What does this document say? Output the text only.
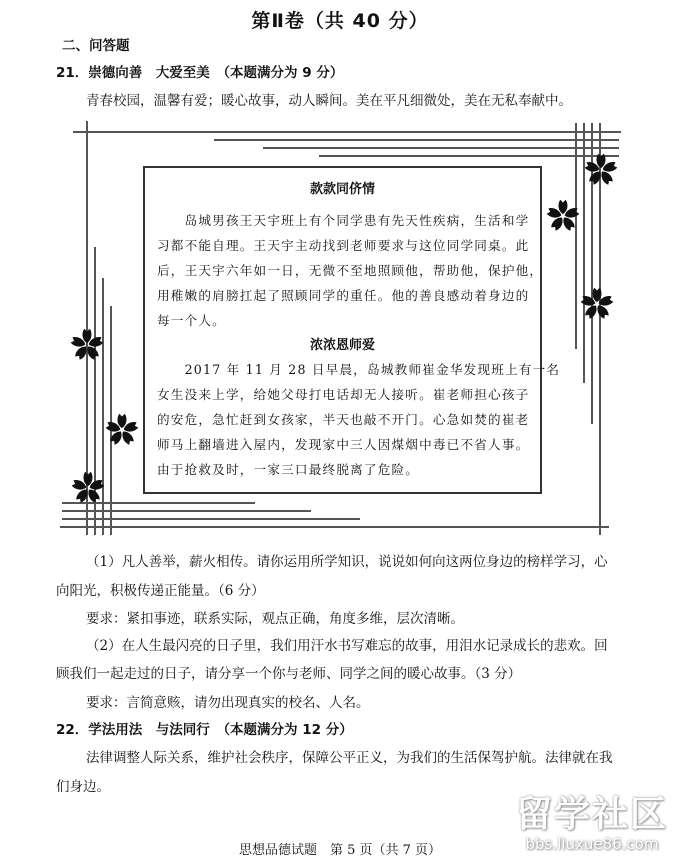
第Ⅱ卷（共 40 分）
二、问答题
21．崇德向善　大爱至美　（本题满分为 9 分）
青春校园，温馨有爱；暖心故事，动人瞬间。美在平凡细微处，美在无私奉献中。
款款同侪情
　　岛城男孩王天宇班上有个同学患有先天性疾病，生活和学
习都不能自理。王天宇主动找到老师要求与这位同学同桌。此
后，王天宇六年如一日，无微不至地照顾他，帮助他，保护他，
用稚嫩的肩膀扛起了照顾同学的重任。他的善良感动着身边的
每一个人。
浓浓恩师爱
　　2017 年 11 月 28 日早晨，岛城教师崔金华发现班上有一名
女生没来上学，给她父母打电话却无人接听。崔老师担心孩子
的安危，急忙赶到女孩家，半天也敲不开门。心急如焚的崔老
师马上翻墙进入屋内，发现家中三人因煤烟中毒已不省人事。
由于抢救及时，一家三口最终脱离了危险。
（1）凡人善举，薪火相传。请你运用所学知识，说说如何向这两位身边的榜样学习，心
向阳光，积极传递正能量。（6 分）
要求：紧扣事迹，联系实际，观点正确，角度多维，层次清晰。
（2）在人生最闪亮的日子里，我们用汗水书写难忘的故事，用泪水记录成长的悲欢。回
顾我们一起走过的日子，请分享一个你与老师、同学之间的暖心故事。（3 分）
要求：言简意赅，请勿出现真实的校名、人名。
22．学法用法　与法同行　（本题满分为 12 分）
法律调整人际关系，维护社会秩序，保障公平正义，为我们的生活保驾护航。法律就在我
们身边。
留学社区
bbs.liuxue86.com
思想品德试题　第 5 页（共 7 页）
